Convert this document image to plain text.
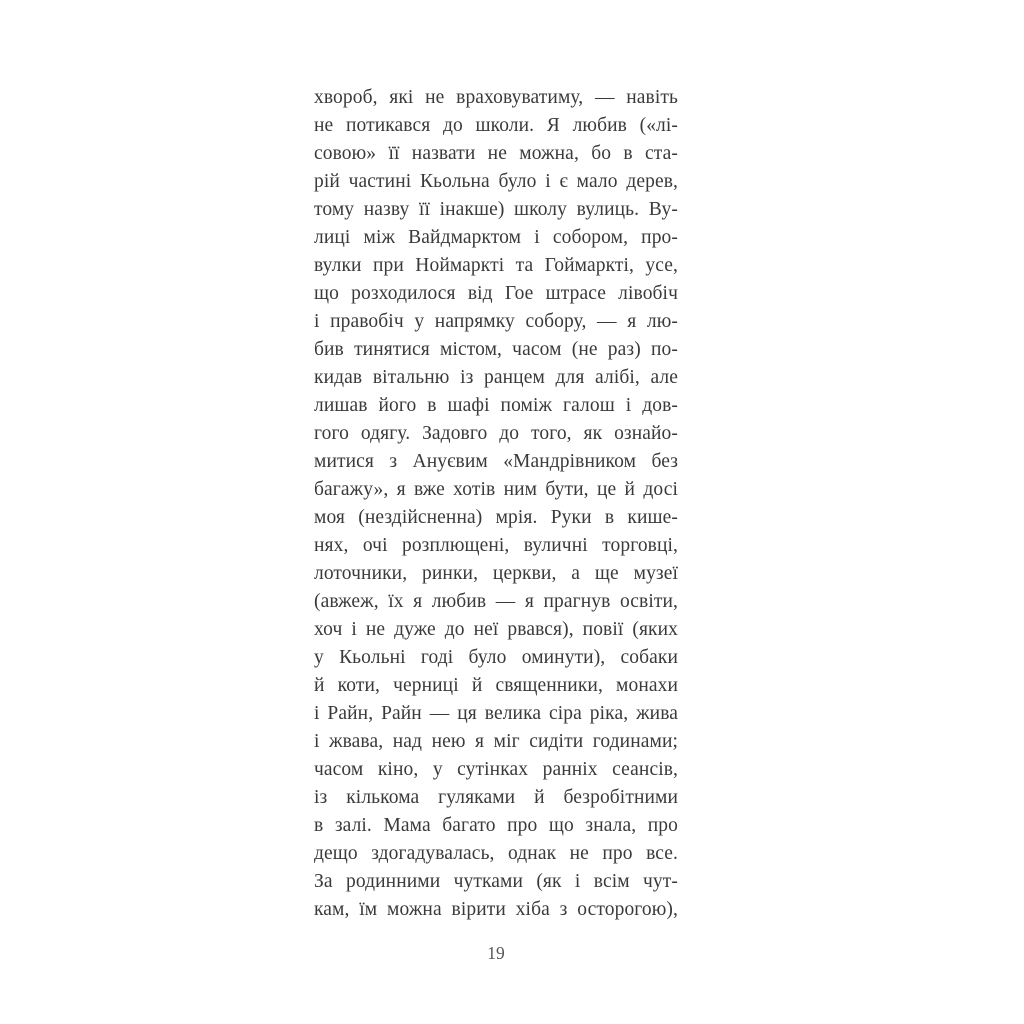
хвороб, які не враховуватиму, — навіть
не потикався до школи. Я любив («лі-
совою» її назвати не можна, бо в ста-
рій частині Кьольна було і є мало дерев,
тому назву її інакше) школу вулиць. Ву-
лиці між Вайдмарктом і собором, про-
вулки при Ноймаркті та Гоймаркті, усе,
що розходилося від Гое штрасе лівобіч
і правобіч у напрямку собору, — я лю-
бив тинятися містом, часом (не раз) по-
кидав вітальню із ранцем для алібі, але
лишав його в шафі поміж галош і дов-
гого одягу. Задовго до того, як ознайо-
митися з Ануєвим «Мандрівником без
багажу», я вже хотів ним бути, це й досі
моя (нездійсненна) мрія. Руки в кише-
нях, очі розплющені, вуличні торговці,
лоточники, ринки, церкви, а ще музеї
(авжеж, їх я любив — я прагнув освіти,
хоч і не дуже до неї рвався), повії (яких
у Кьольні годі було оминути), собаки
й коти, черниці й священники, монахи
і Райн, Райн — ця велика сіра ріка, жива
і жвава, над нею я міг сидіти годинами;
часом кіно, у сутінках ранніх сеансів,
із кількома гуляками й безробітними
в залі. Мама багато про що знала, про
дещо здогадувалась, однак не про все.
За родинними чутками (як і всім чут-
кам, їм можна вірити хіба з осторогою),
19
